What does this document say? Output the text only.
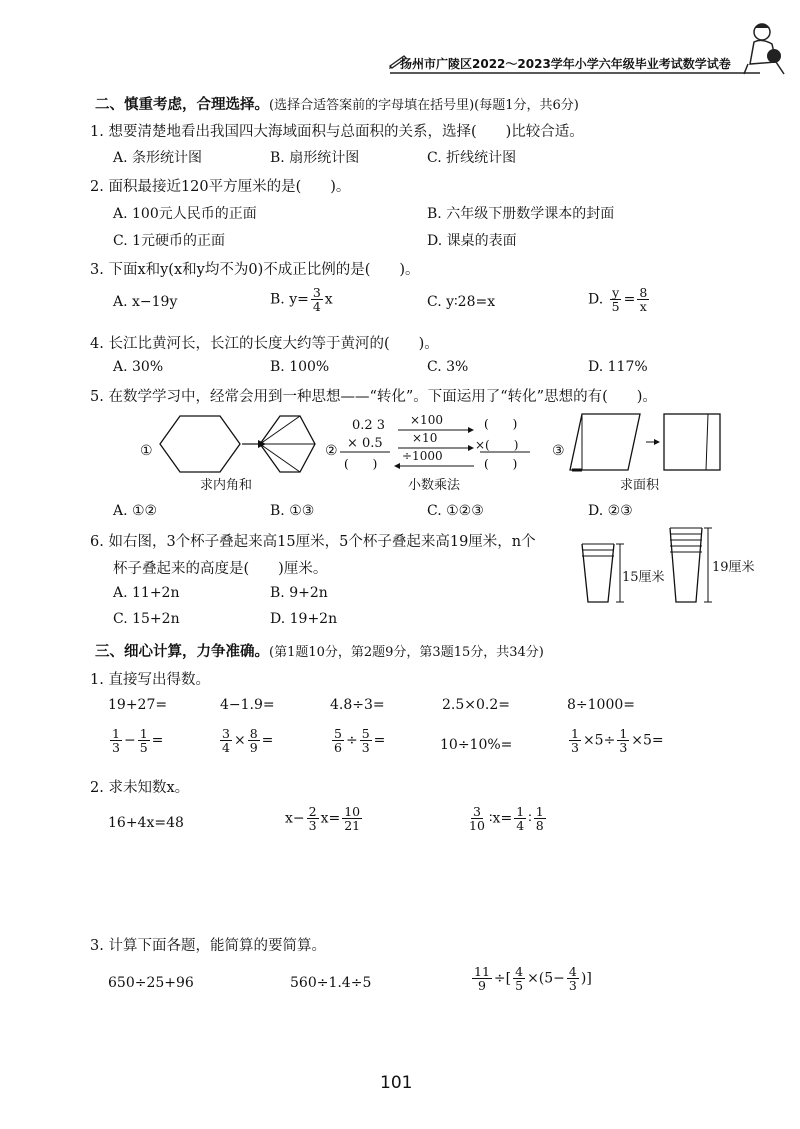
扬州市广陵区2022～2023学年小学六年级毕业考试数学试卷
二、慎重考虑，合理选择。(选择合适答案前的字母填在括号里)(每题1分，共6分)
1. 想要清楚地看出我国四大海域面积与总面积的关系，选择(　　)比较合适。
A. 条形统计图	B. 扇形统计图	C. 折线统计图
2. 面积最接近120平方厘米的是(　　)。
A. 100元人民币的正面	B. 六年级下册数学课本的封面
C. 1元硬币的正面	D. 课桌的表面
3. 下面x和y(x和y均不为0)不成正比例的是(　　)。
A. x−19y	B. $y= \frac{3}{4}$ x	C. y∶28=x	D. $\frac{y}{5} = \frac{8}{x}$
4. 长江比黄河长，长江的长度大约等于黄河的(　　)。
A. 30%	B. 100%	C. 3%	D. 117%
5. 在数学学习中，经常会用到一种思想——“转化”。下面运用了“转化”思想的有(　　)。
①
求内角和
②
0.2 3
× 0.5
(　　)
(　　)
(　　)
×100
×10
÷1000
×(　　)
小数乘法
③
求面积
A. ①②	B. ①③	C. ①②③	D. ②③
6. 如右图，3个杯子叠起来高15厘米，5个杯子叠起来高19厘米，n个
杯子叠起来的高度是(　　)厘米。
A. 11+2n	B. 9+2n
C. 15+2n	D. 19+2n
15厘米
19厘米
三、细心计算，力争准确。(第1题10分，第2题9分，第3题15分，共34分)
1. 直接写出得数。
19+27=	4−1.9=	4.8÷3=	2.5×0.2=	8÷1000=
$\frac{1}{3} - \frac{1}{5}$ =	$\frac{3}{4} \times \frac{8}{9}$ =	$\frac{5}{6} \div \frac{5}{3}$ =	10÷10%=	$\frac{1}{3} \times 5\div \frac{1}{3} \times 5=$
2. 求未知数x。
16+4x=48	$x- \frac{2}{3} x= \frac{10}{21}$	$\frac{3}{10}$ ∶x= $\frac{1}{4}$ ∶ $\frac{1}{8}$
3. 计算下面各题，能简算的要简算。
650÷25+96	560÷1.4÷5	$\frac{11}{9}$ ÷[ $\frac{4}{5} \times(5- \frac{4}{3}$ )]
101
